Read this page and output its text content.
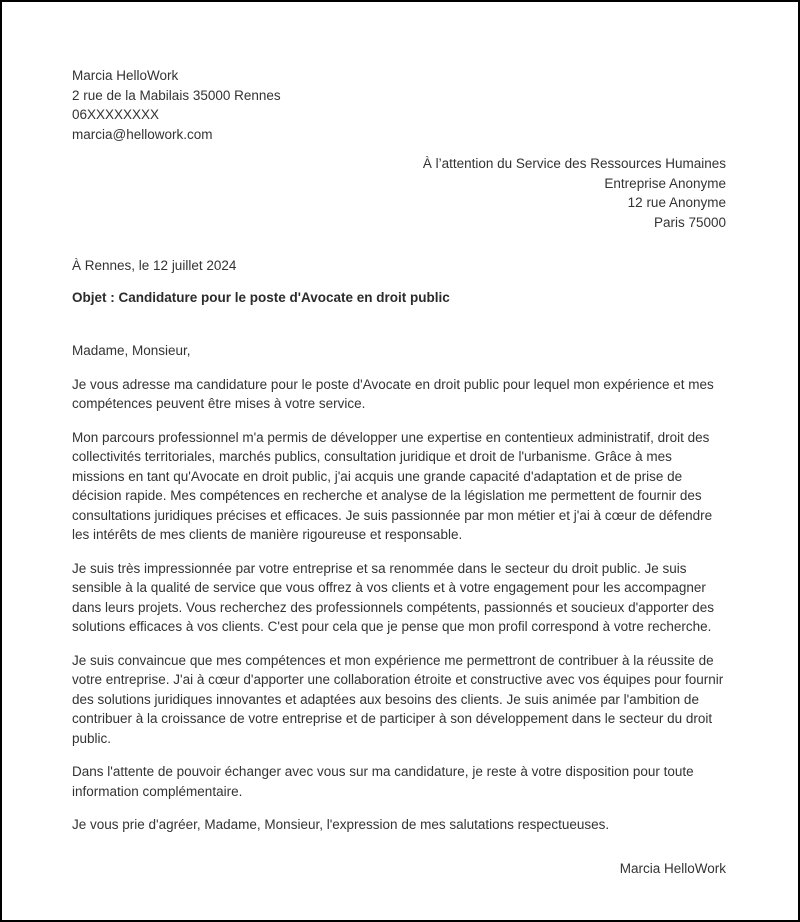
Marcia HelloWork
2 rue de la Mabilais 35000 Rennes
06XXXXXXXX
marcia@hellowork.com
À l’attention du Service des Ressources Humaines
Entreprise Anonyme
12 rue Anonyme
Paris 75000
À Rennes, le 12 juillet 2024
Objet : Candidature pour le poste d'Avocate en droit public
Madame, Monsieur,

Je vous adresse ma candidature pour le poste d'Avocate en droit public pour lequel mon expérience et mes compétences peuvent être mises à votre service.

Mon parcours professionnel m'a permis de développer une expertise en contentieux administratif, droit des collectivités territoriales, marchés publics, consultation juridique et droit de l'urbanisme. Grâce à mes missions en tant qu'Avocate en droit public, j'ai acquis une grande capacité d'adaptation et de prise de décision rapide. Mes compétences en recherche et analyse de la législation me permettent de fournir des consultations juridiques précises et efficaces. Je suis passionnée par mon métier et j'ai à cœur de défendre les intérêts de mes clients de manière rigoureuse et responsable.

Je suis très impressionnée par votre entreprise et sa renommée dans le secteur du droit public. Je suis sensible à la qualité de service que vous offrez à vos clients et à votre engagement pour les accompagner dans leurs projets. Vous recherchez des professionnels compétents, passionnés et soucieux d'apporter des solutions efficaces à vos clients. C'est pour cela que je pense que mon profil correspond à votre recherche.

Je suis convaincue que mes compétences et mon expérience me permettront de contribuer à la réussite de votre entreprise. J'ai à cœur d'apporter une collaboration étroite et constructive avec vos équipes pour fournir des solutions juridiques innovantes et adaptées aux besoins des clients. Je suis animée par l'ambition de contribuer à la croissance de votre entreprise et de participer à son développement dans le secteur du droit public.

Dans l'attente de pouvoir échanger avec vous sur ma candidature, je reste à votre disposition pour toute information complémentaire.

Je vous prie d'agréer, Madame, Monsieur, l'expression de mes salutations respectueuses.

Marcia HelloWork
